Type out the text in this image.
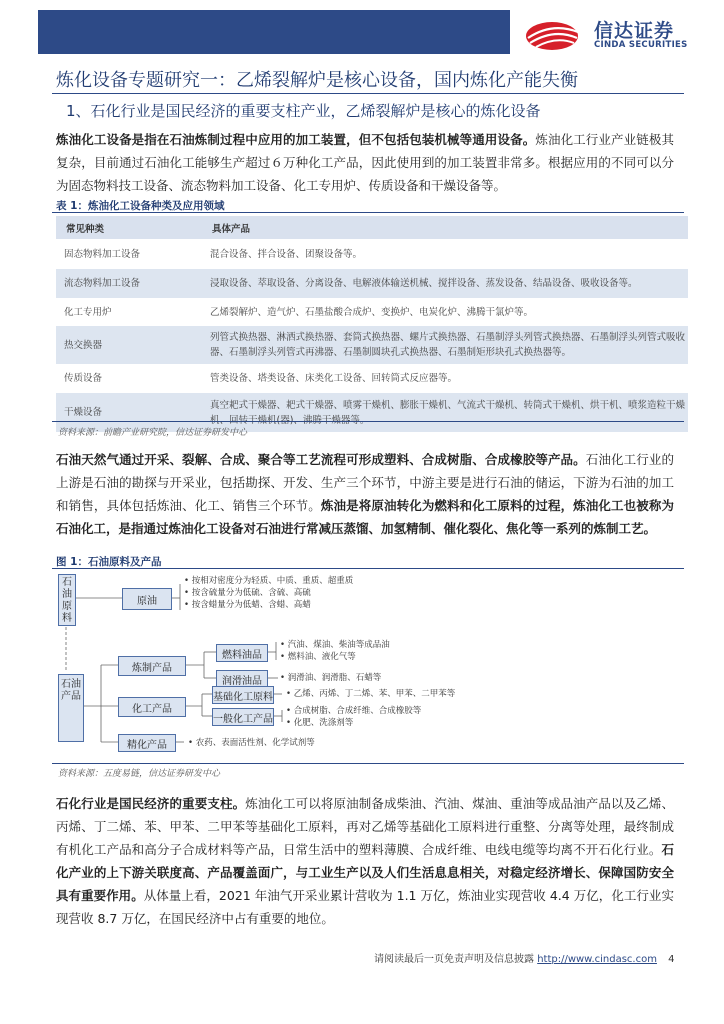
信达证券
CINDA SECURITIES
炼化设备专题研究一：乙烯裂解炉是核心设备，国内炼化产能失衡
1、石化行业是国民经济的重要支柱产业，乙烯裂解炉是核心的炼化设备
炼油化工设备是指在石油炼制过程中应用的加工装置，但不包括包装机械等通用设备。炼油化工行业产业链极其复杂，目前通过石油化工能够生产超过６万种化工产品，因此使用到的加工装置非常多。根据应用的不同可以分为固态物料技工设备、流态物料加工设备、化工专用炉、传质设备和干燥设备等。
表 1：炼油化工设备种类及应用领域
常见种类	具体产品
固态物料加工设备	混合设备、拌合设备、团聚设备等。
流态物料加工设备	浸取设备、萃取设备、分离设备、电解液体输送机械、搅拌设备、蒸发设备、结晶设备、吸收设备等。
化工专用炉	乙烯裂解炉、造气炉、石墨盐酸合成炉、变换炉、电炭化炉、沸腾干氯炉等。
热交换器	列管式换热器、淋洒式换热器、套筒式换热器、螺片式换热器、石墨制浮头列管式换热器、石墨制浮头列管式吸收器、石墨制浮头列管式再沸器、石墨制圆块孔式换热器、石墨制矩形块孔式换热器等。
传质设备	管类设备、塔类设备、床类化工设备、回转筒式反应器等。
干燥设备	真空耙式干燥器、耙式干燥器、喷雾干燥机、膨胀干燥机、气流式干燥机、转筒式干燥机、烘干机、喷浆造粒干燥机、回转干燥机(器)、沸腾干燥器等。
资料来源：前瞻产业研究院，信达证券研发中心
石油天然气通过开采、裂解、合成、聚合等工艺流程可形成塑料、合成树脂、合成橡胶等产品。石油化工行业的上游是石油的勘探与开采业，包括勘探、开发、生产三个环节，中游主要是进行石油的储运，下游为石油的加工和销售，具体包括炼油、化工、销售三个环节。炼油是将原油转化为燃料和化工原料的过程，炼油化工也被称为石油化工，是指通过炼油化工设备对石油进行常减压蒸馏、加氢精制、催化裂化、焦化等一系列的炼制工艺。
图 1：石油原料及产品
石油原料
石油产品
原油
• 按相对密度分为轻质、中质、重质、超重质
• 按含硫量分为低硫、含硫、高硫
• 按含蜡量分为低蜡、含蜡、高蜡
炼制产品
燃料油品
• 汽油、煤油、柴油等成品油
• 燃料油、液化气等
润滑油品	• 润滑油、润滑脂、石蜡等
化工产品
基础化工原料 • 乙烯、丙烯、丁二烯、苯、甲苯、二甲苯等
一般化工产品
• 合成树脂、合成纤维、合成橡胶等
• 化肥、洗涤剂等
精化产品	• 农药、表面活性剂、化学试剂等
资料来源：五度易链，信达证券研发中心
石化行业是国民经济的重要支柱。炼油化工可以将原油制备成柴油、汽油、煤油、重油等成品油产品以及乙烯、丙烯、丁二烯、苯、甲苯、二甲苯等基础化工原料，再对乙烯等基础化工原料进行重整、分离等处理，最终制成有机化工产品和高分子合成材料等产品，日常生活中的塑料薄膜、合成纤维、电线电缆等均离不开石化行业。石化产业的上下游关联度高、产品覆盖面广，与工业生产以及人们生活息息相关，对稳定经济增长、保障国防安全具有重要作用。从体量上看，2021 年油气开采业累计营收为 1.1 万亿，炼油业实现营收 4.4 万亿，化工行业实现营收 8.7 万亿，在国民经济中占有重要的地位。
请阅读最后一页免责声明及信息披露 http://www.cindasc.com 4
